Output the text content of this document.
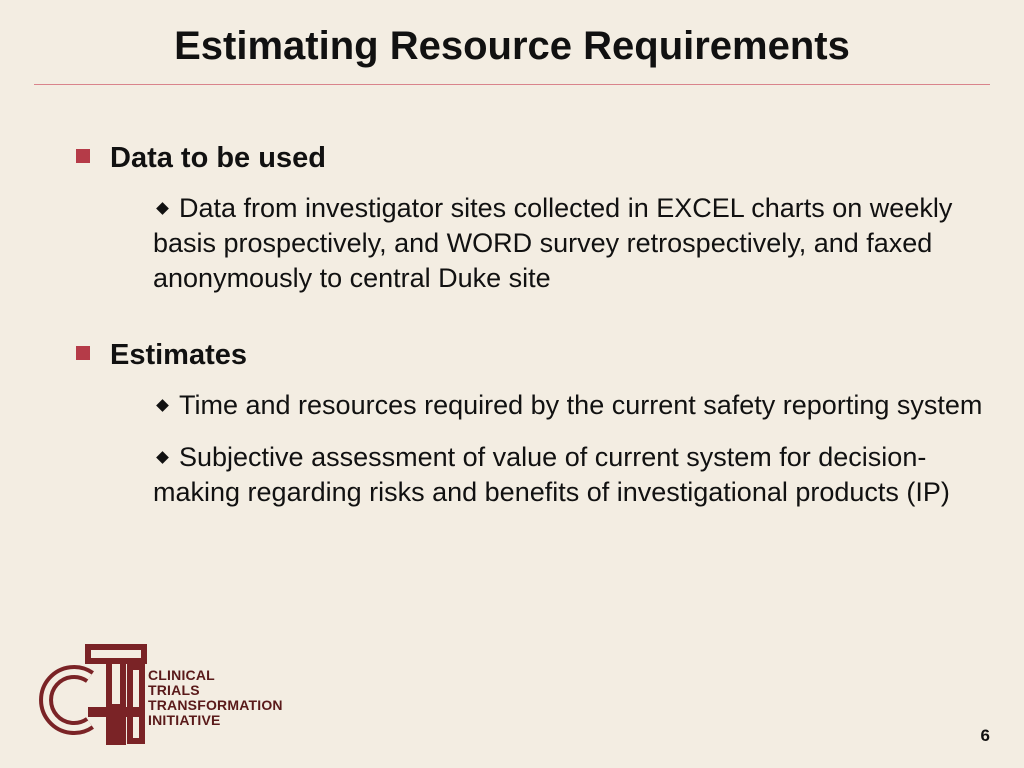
Estimating Resource Requirements
Data to be used
Data from investigator sites collected in EXCEL charts on weekly basis prospectively, and WORD survey retrospectively, and faxed anonymously to central Duke site
Estimates
Time and resources required by the current safety reporting system
Subjective assessment of value of current system for decision-making regarding risks and benefits of investigational products (IP)
CLINICAL
TRIALS
TRANSFORMATION
INITIATIVE
6
